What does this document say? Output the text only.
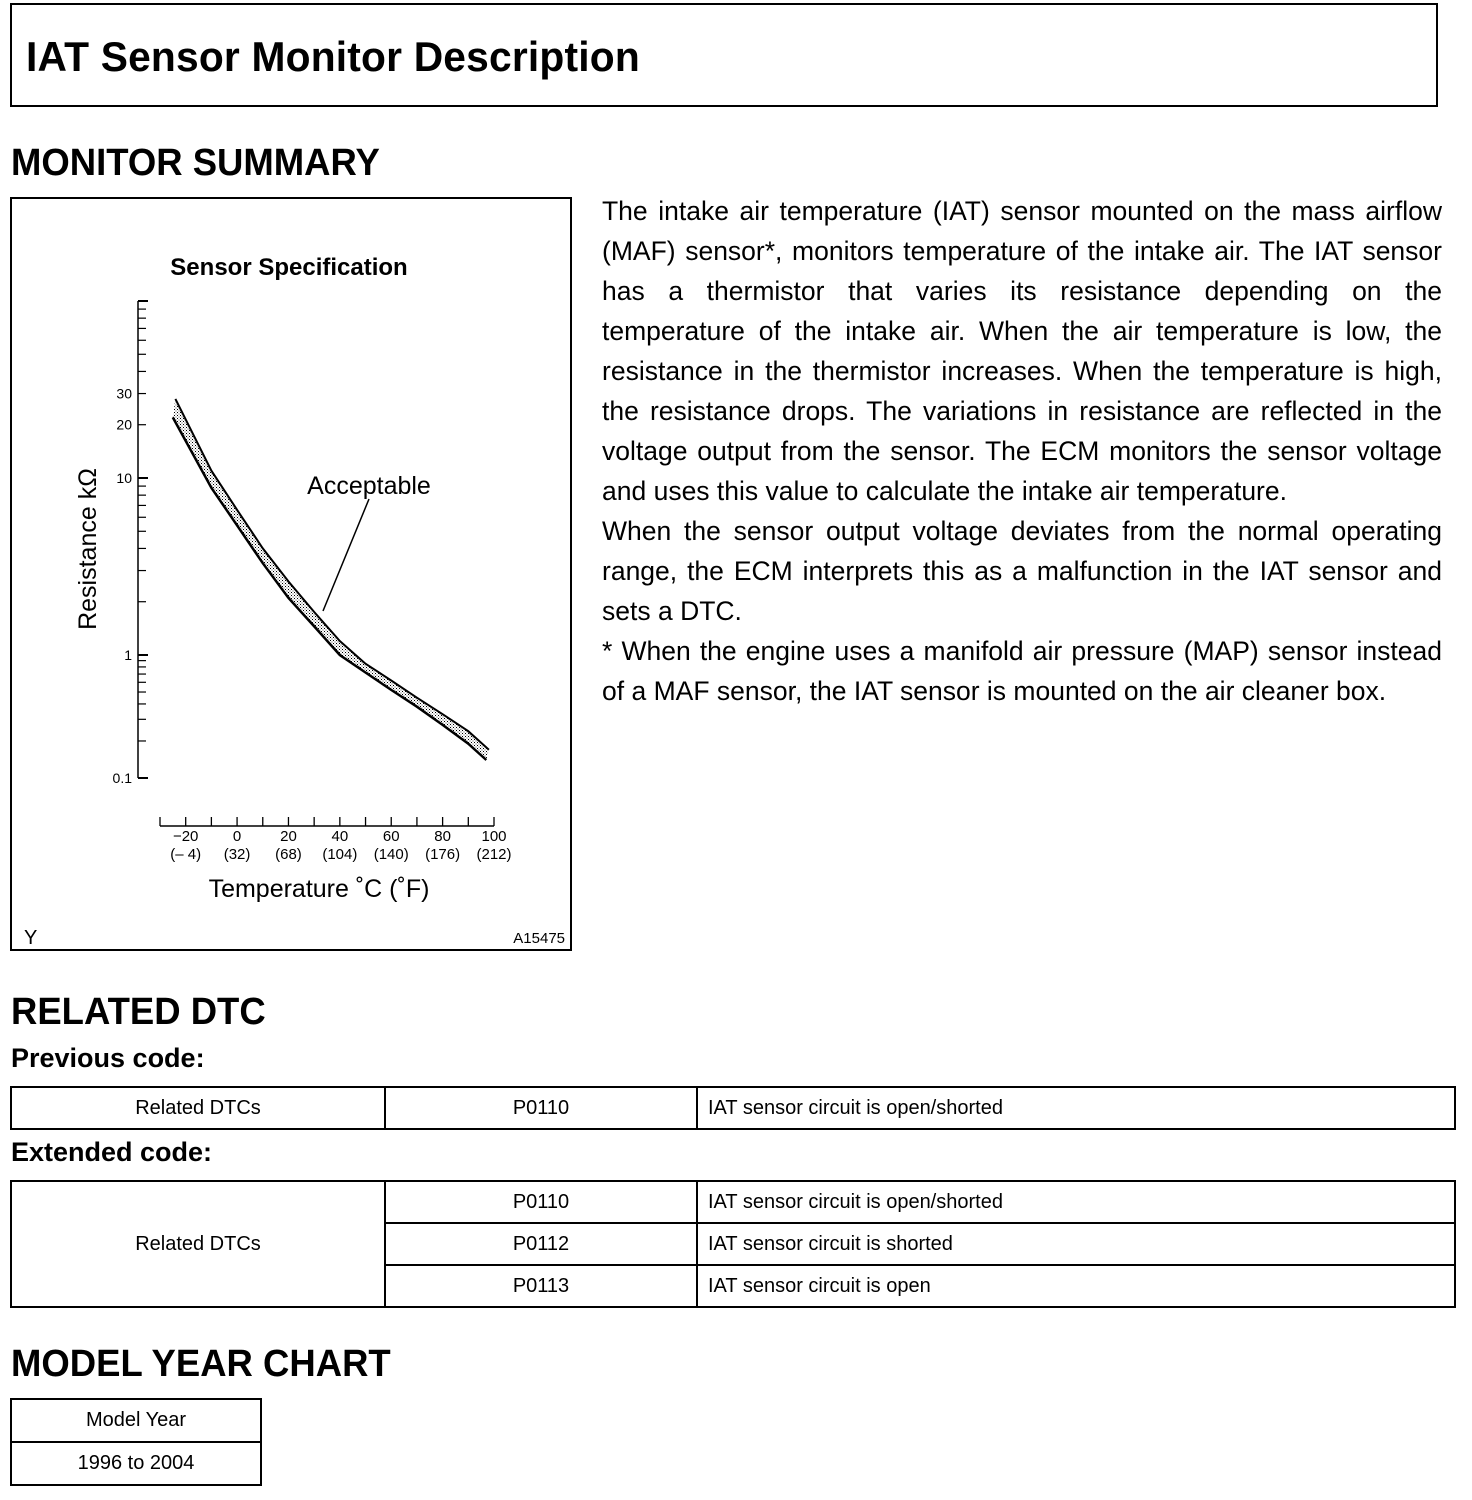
IAT Sensor Monitor Description
MONITOR SUMMARY
Sensor Specification
30
20
10
1
0.1
−20
(– 4)
0
(32)
20
(68)
40
(104)
60
(140)
80
(176)
100
(212)
Resistance kΩ
Temperature ˚C (˚F)
Acceptable
Y	A15475

The intake air temperature (IAT) sensor mounted on the mass airflow (MAF) sensor*, monitors temperature of the intake air. The IAT sensor has a thermistor that varies its resistance depending on the temperature of the intake air. When the air temperature is low, the resistance in the thermistor increases. When the temperature is high, the resistance drops. The variations in resistance are reflected in the voltage output from the sensor. The ECM monitors the sensor voltage and uses this value to calculate the intake air temperature.

When the sensor output voltage deviates from the normal operating range, the ECM interprets this as a malfunction in the IAT sensor and sets a DTC.

* When the engine uses a manifold air pressure (MAP) sensor instead of a MAF sensor, the IAT sensor is mounted on the air cleaner box.

RELATED DTC
Previous code:
Related DTCs	P0110	IAT sensor circuit is open/shorted
Extended code:
Related DTCs	P0110	IAT sensor circuit is open/shorted
	P0112	IAT sensor circuit is shorted
	P0113	IAT sensor circuit is open
MODEL YEAR CHART
Model Year
1996 to 2004
